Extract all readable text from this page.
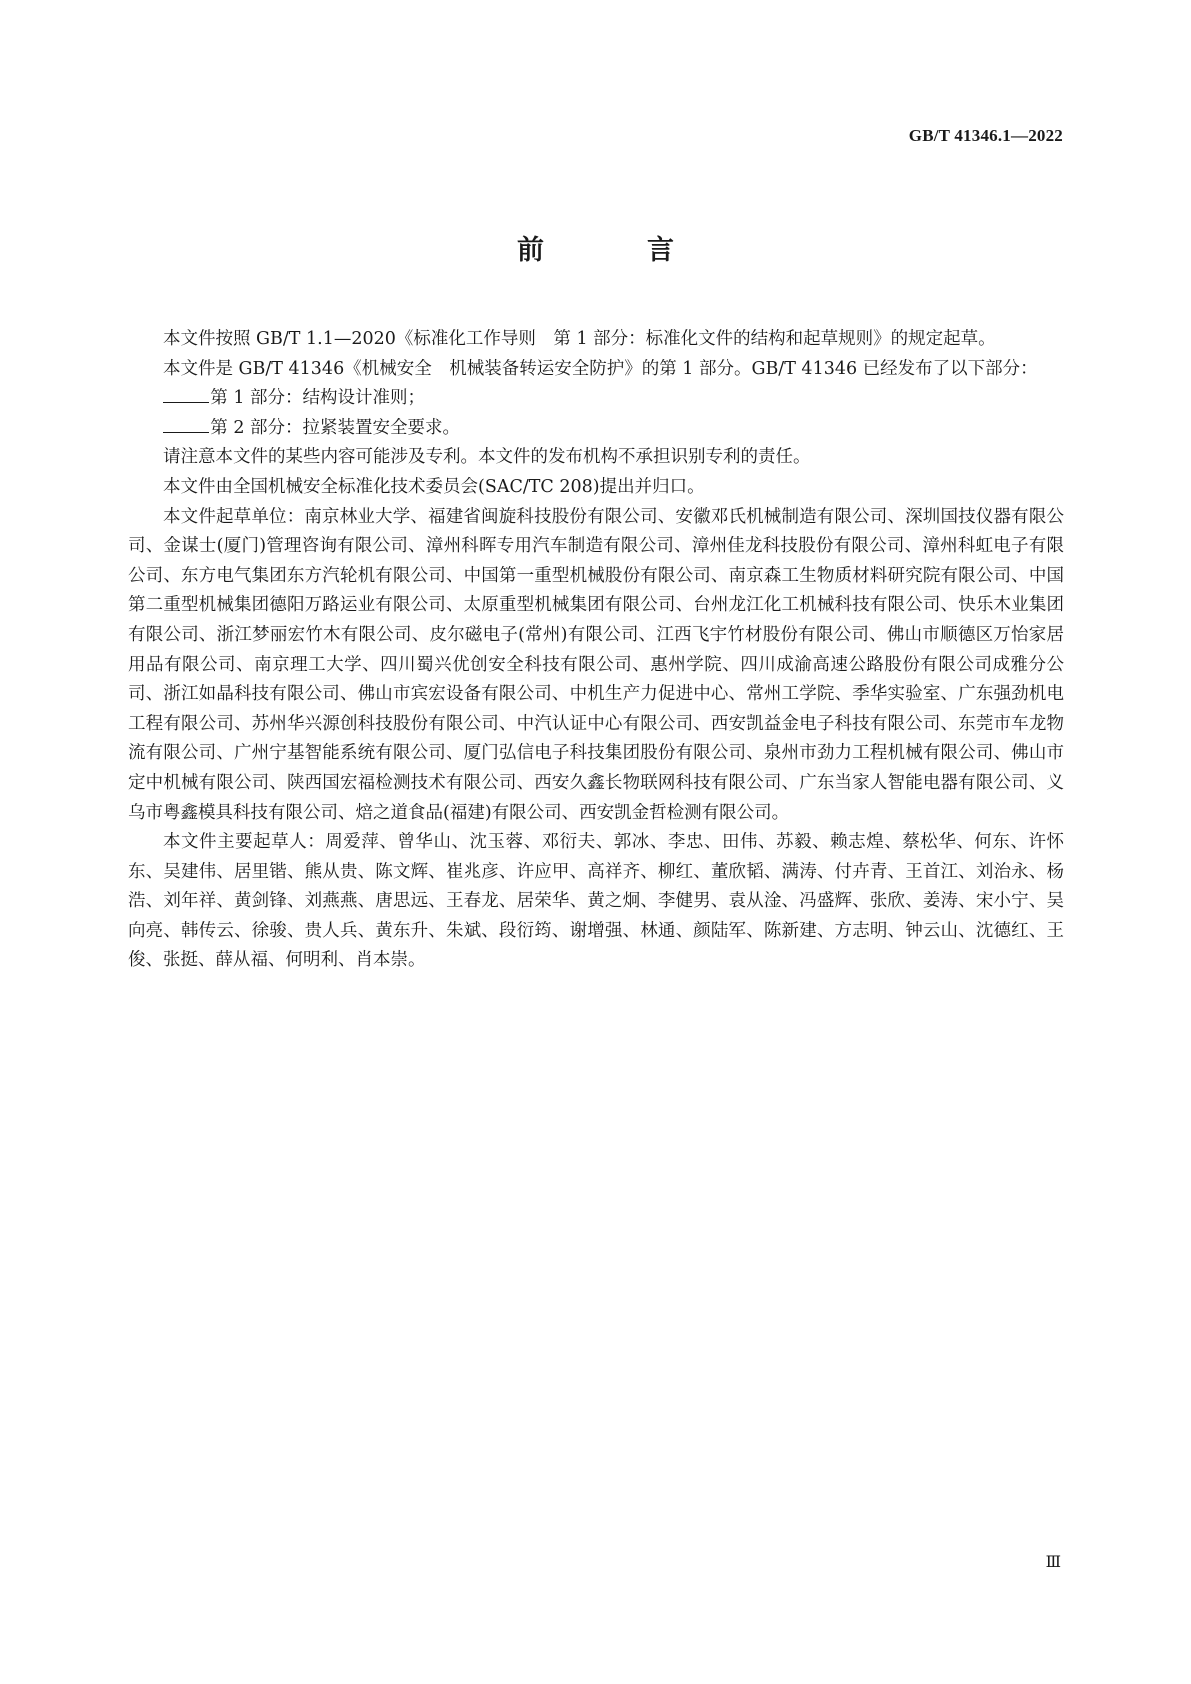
GB/T 41346.1—2022
前　言

本文件按照 GB/T 1.1—2020《标准化工作导则　第 1 部分：标准化文件的结构和起草规则》的规定起草。

本文件是 GB/T 41346《机械安全　机械装备转运安全防护》的第 1 部分。GB/T 41346 已经发布了以下部分：

第 1 部分：结构设计准则；
第 2 部分：拉紧装置安全要求。

请注意本文件的某些内容可能涉及专利。本文件的发布机构不承担识别专利的责任。

本文件由全国机械安全标准化技术委员会(SAC/TC 208)提出并归口。

本文件起草单位：南京林业大学、福建省闽旋科技股份有限公司、安徽邓氏机械制造有限公司、深圳国技仪器有限公司、金谋士(厦门)管理咨询有限公司、漳州科晖专用汽车制造有限公司、漳州佳龙科技股份有限公司、漳州科虹电子有限公司、东方电气集团东方汽轮机有限公司、中国第一重型机械股份有限公司、南京森工生物质材料研究院有限公司、中国第二重型机械集团德阳万路运业有限公司、太原重型机械集团有限公司、台州龙江化工机械科技有限公司、快乐木业集团有限公司、浙江梦丽宏竹木有限公司、皮尔磁电子(常州)有限公司、江西飞宇竹材股份有限公司、佛山市顺德区万怡家居用品有限公司、南京理工大学、四川蜀兴优创安全科技有限公司、惠州学院、四川成渝高速公路股份有限公司成雅分公司、浙江如晶科技有限公司、佛山市宾宏设备有限公司、中机生产力促进中心、常州工学院、季华实验室、广东强劲机电工程有限公司、苏州华兴源创科技股份有限公司、中汽认证中心有限公司、西安凯益金电子科技有限公司、东莞市车龙物流有限公司、广州宁基智能系统有限公司、厦门弘信电子科技集团股份有限公司、泉州市劲力工程机械有限公司、佛山市定中机械有限公司、陕西国宏福检测技术有限公司、西安久鑫长物联网科技有限公司、广东当家人智能电器有限公司、义乌市粤鑫模具科技有限公司、焙之道食品(福建)有限公司、西安凯金哲检测有限公司。

本文件主要起草人：周爱萍、曾华山、沈玉蓉、邓衍夫、郭冰、李忠、田伟、苏毅、赖志煌、蔡松华、何东、许怀东、吴建伟、居里锴、熊从贵、陈文辉、崔兆彦、许应甲、高祥齐、柳红、董欣韬、满涛、付卉青、王首江、刘治永、杨浩、刘年祥、黄剑锋、刘燕燕、唐思远、王春龙、居荣华、黄之炯、李健男、袁从淦、冯盛辉、张欣、姜涛、宋小宁、吴向亮、韩传云、徐骏、贵人兵、黄东升、朱斌、段衍筠、谢增强、林通、颜陆军、陈新建、方志明、钟云山、沈德红、王俊、张挺、薛从福、何明利、肖本崇。

Ⅲ
